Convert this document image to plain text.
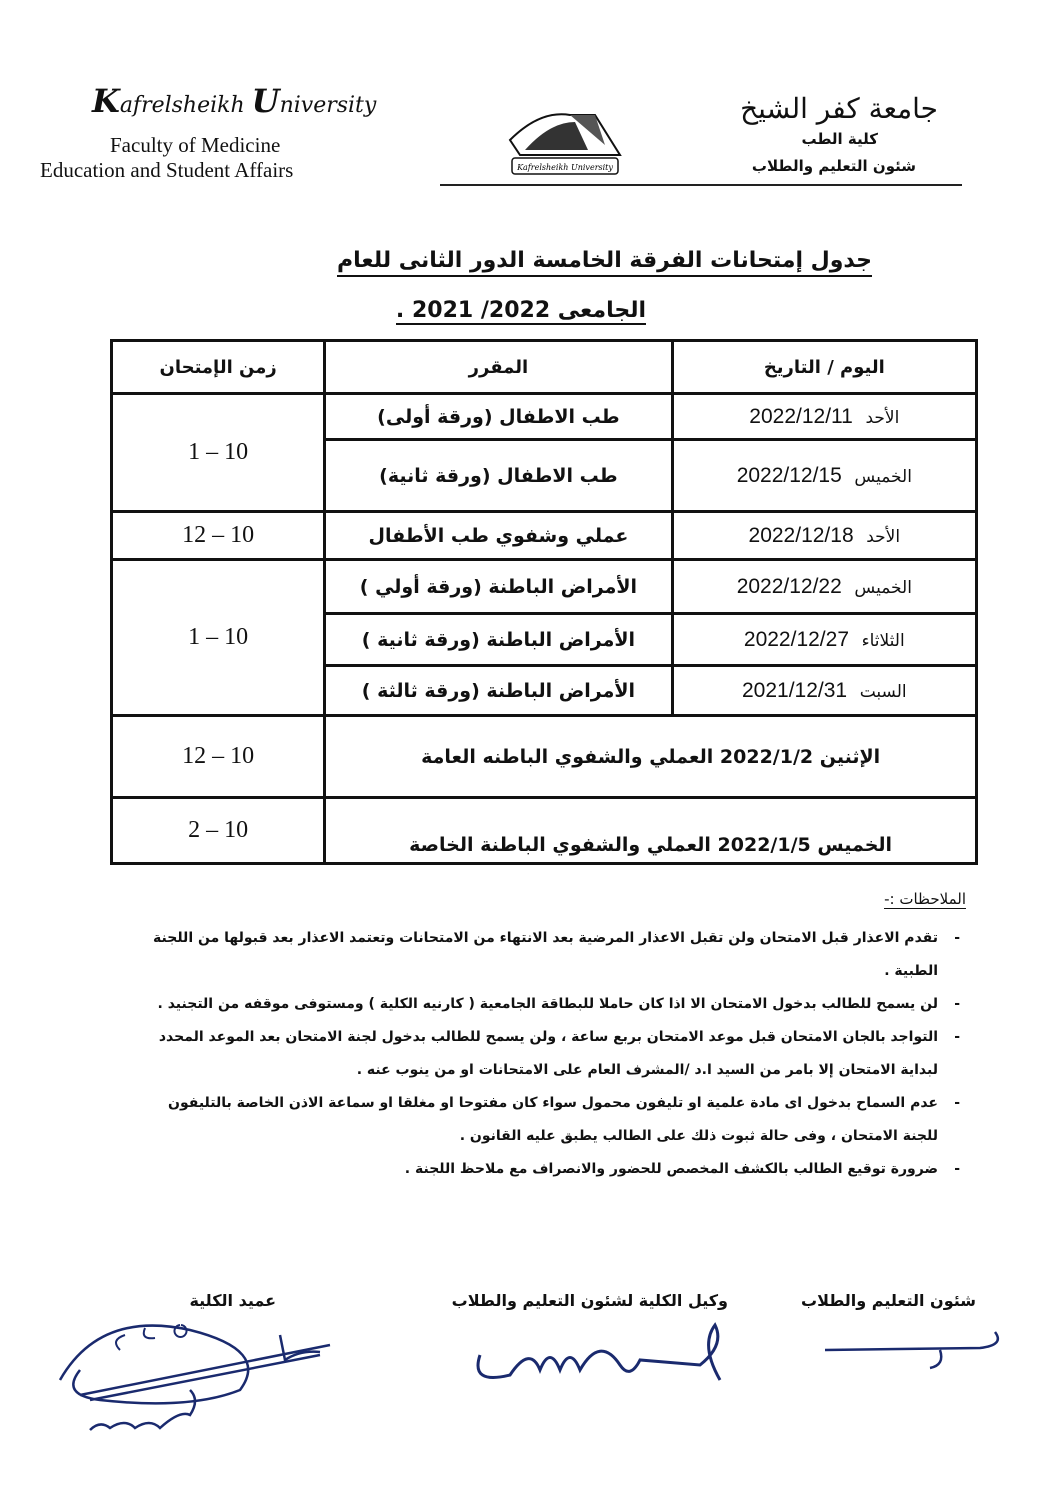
Kafrelsheikh University
Faculty of Medicine
Education and Student Affairs	Kafrelsheikh University
جامعة كفر الشيخ
كلية الطب
شئون التعليم والطلاب
جدول إمتحانات الفرقة الخامسة الدور الثانى للعام
الجامعى 2022/ 2021 .
اليوم / التاريخ	المقرر	زمن الإمتحان
الأحد 2022/12/11	طب الاطفال (ورقة أولى)	1 – 10
الخميس 2022/12/15	طب الاطفال (ورقة ثانية)	
الأحد 2022/12/18	عملي وشفوي طب الأطفال	12 – 10
الخميس 2022/12/22	الأمراض الباطنة (ورقة أولي )	1 – 10
الثلاثاء 2022/12/27	الأمراض الباطنة (ورقة ثانية )	
السبت 2021/12/31	الأمراض الباطنة (ورقة ثالثة )	
الإثنين 2022/1/2 العملي والشفوي الباطنه العامة		12 – 10
الخميس 2022/1/5 العملي والشفوي الباطنة الخاصة		2 – 10
الملاحظات :-
- تقدم الاعذار قبل الامتحان ولن تقبل الاعذار المرضية بعد الانتهاء من الامتحانات وتعتمد الاعذار بعد قبولها من اللجنة الطبية .
- لن يسمح للطالب بدخول الامتحان الا اذا كان حاملا للبطاقة الجامعية ( كارنيه الكلية ) ومستوفى موقفه من التجنيد .
- التواجد بالجان الامتحان قبل موعد الامتحان بربع ساعة ، ولن يسمح للطالب بدخول لجنة الامتحان بعد الموعد المحدد لبداية الامتحان إلا بامر من السيد ا.د /المشرف العام على الامتحانات او من ينوب عنه .
- عدم السماح بدخول اى مادة علمية او تليفون محمول سواء كان مفتوحا او مغلقا او سماعة الاذن الخاصة بالتليفون للجنة الامتحان ، وفى حالة ثبوت ذلك على الطالب يطبق عليه القانون .
- ضرورة توقيع الطالب بالكشف المخصص للحضور والانصراف مع ملاحظ اللجنة .
شئون التعليم والطلاب
وكيل الكلية لشئون التعليم والطلاب
عميد الكلية
